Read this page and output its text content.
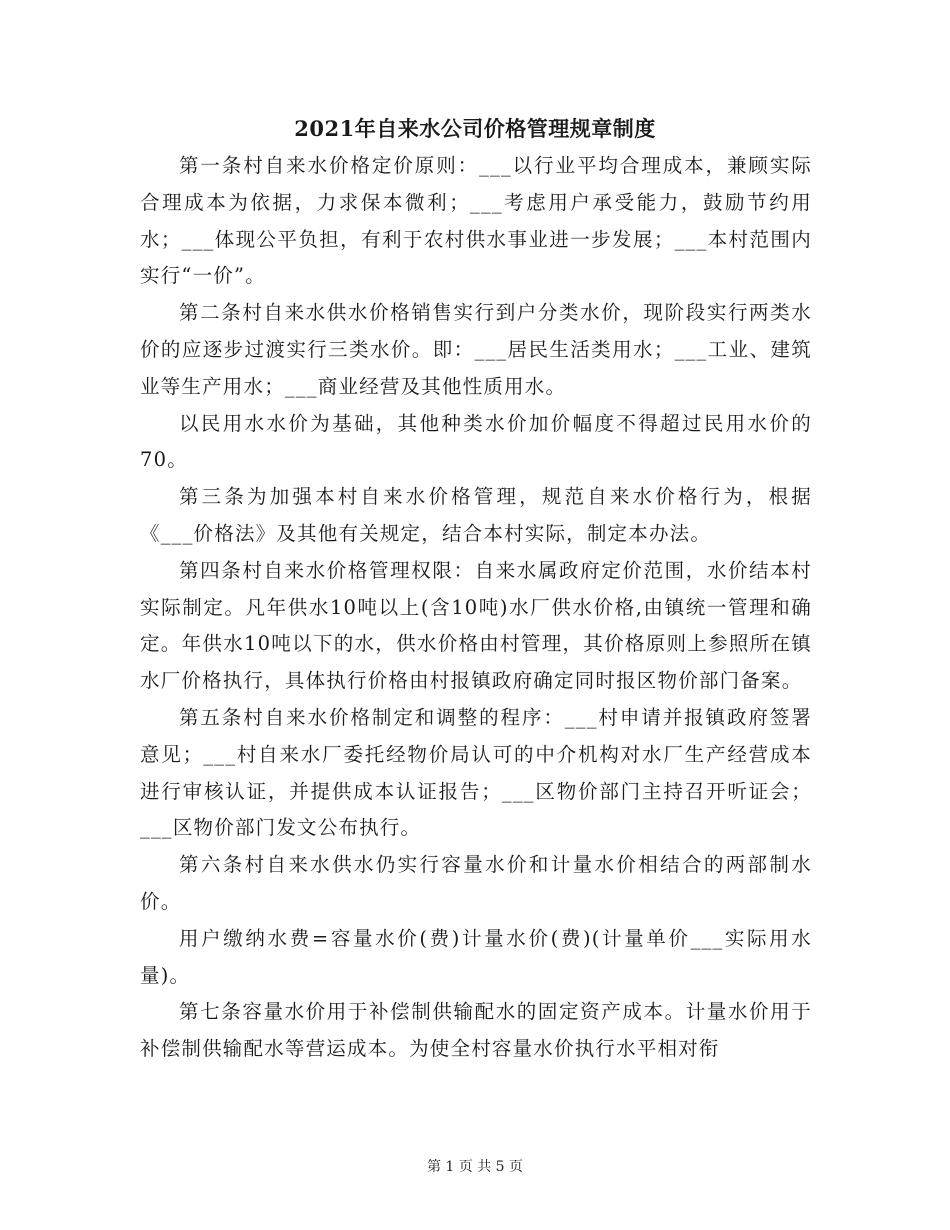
2021年自来水公司价格管理规章制度

第一条村自来水价格定价原则：___以行业平均合理成本，兼顾实际合理成本为依据，力求保本微利；___考虑用户承受能力，鼓励节约用水；___体现公平负担，有利于农村供水事业进一步发展；___本村范围内实行“一价”。

第二条村自来水供水价格销售实行到户分类水价，现阶段实行两类水价的应逐步过渡实行三类水价。即：___居民生活类用水；___工业、建筑业等生产用水；___商业经营及其他性质用水。

以民用水水价为基础，其他种类水价加价幅度不得超过民用水价的70。

第三条为加强本村自来水价格管理，规范自来水价格行为，根据《___价格法》及其他有关规定，结合本村实际，制定本办法。

第四条村自来水价格管理权限：自来水属政府定价范围，水价结本村实际制定。凡年供水10吨以上(含10吨)水厂供水价格,由镇统一管理和确定。年供水10吨以下的水，供水价格由村管理，其价格原则上参照所在镇水厂价格执行，具体执行价格由村报镇政府确定同时报区物价部门备案。

第五条村自来水价格制定和调整的程序：___村申请并报镇政府签署意见；___村自来水厂委托经物价局认可的中介机构对水厂生产经营成本进行审核认证，并提供成本认证报告；___区物价部门主持召开听证会；___区物价部门发文公布执行。

第六条村自来水供水仍实行容量水价和计量水价相结合的两部制水价。

用户缴纳水费=容量水价(费)计量水价(费)(计量单价___实际用水量)。

第七条容量水价用于补偿制供输配水的固定资产成本。计量水价用于补偿制供输配水等营运成本。为使全村容量水价执行水平相对衔

第 1 页 共 5 页
